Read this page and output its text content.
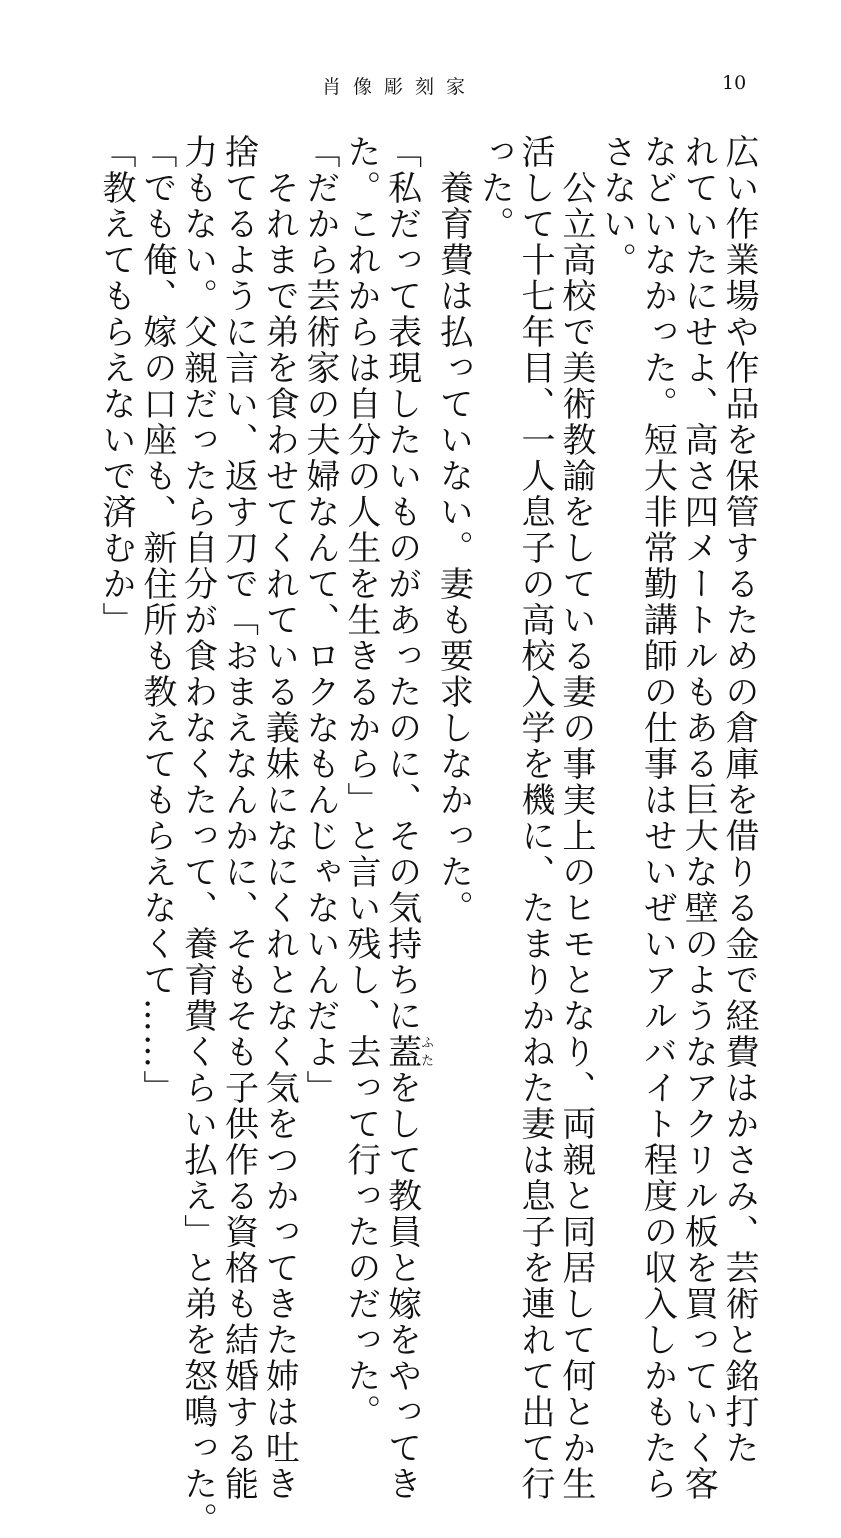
肖像彫刻家	10
広い作業場や作品を保管するための倉庫を借りる金で経費はかさみ、芸術と銘打た
れていたにせよ、高さ四メートルもある巨大な壁のようなアクリル板を買っていく客
などいなかった。短大非常勤講師の仕事はせいぜいアルバイト程度の収入しかもたら
さない。
　公立高校で美術教諭をしている妻の事実上のヒモとなり、両親と同居して何とか生
活して十七年目、一人息子の高校入学を機に、たまりかねた妻は息子を連れて出て行
った。
　養育費は払っていない。妻も要求しなかった。
「私だって表現したいものがあったのに、その気持ちに蓋ふたをして教員と嫁をやってき
た。これからは自分の人生を生きるから」と言い残し、去って行ったのだった。
「だから芸術家の夫婦なんて、ロクなもんじゃないんだよ」
　それまで弟を食わせてくれている義妹になにくれとなく気をつかってきた姉は吐き
捨てるように言い、返す刀で「おまえなんかに、そもそも子供作る資格も結婚する能
力もない。父親だったら自分が食わなくたって、養育費くらい払え」と弟を怒鳴った。
「でも俺、嫁の口座も、新住所も教えてもらえなくて……」
「教えてもらえないで済むか」
